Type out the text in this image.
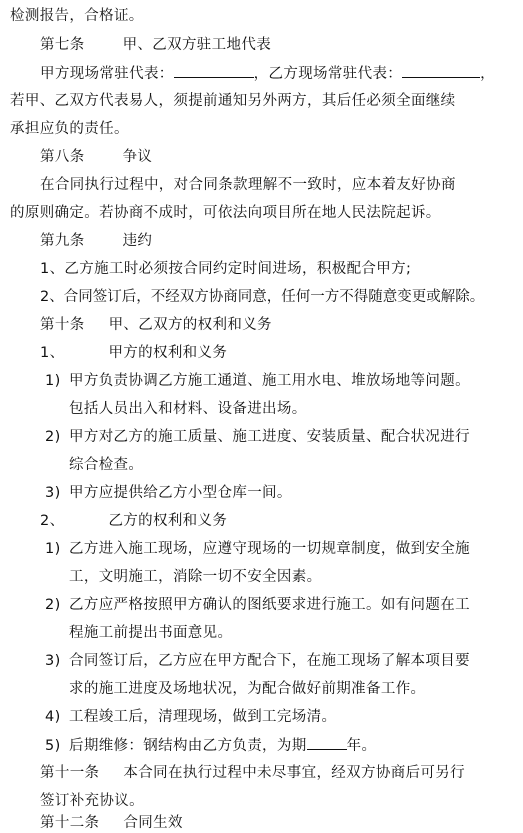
检测报告，合格证。
第七条	甲、乙双方驻工地代表
甲方现场常驻代表：	，乙方现场常驻代表：	，
若甲、乙双方代表易人，须提前通知另外两方，其后任必须全面继续
承担应负的责任。
第八条	争议
在合同执行过程中，对合同条款理解不一致时，应本着友好协商
的原则确定。若协商不成时，可依法向项目所在地人民法院起诉。
第九条	违约
1、乙方施工时必须按合同约定时间进场，积极配合甲方;
2、合同签订后，不经双方协商同意，任何一方不得随意变更或解除。
第十条 甲、乙双方的权利和义务
1、	甲方的权利和义务
1) 甲方负责协调乙方施工通道、施工用水电、堆放场地等问题。
包括人员出入和材料、设备进出场。
2) 甲方对乙方的施工质量、施工进度、安装质量、配合状况进行
综合检查。
3) 甲方应提供给乙方小型仓库一间。
2、	乙方的权利和义务
1) 乙方进入施工现场，应遵守现场的一切规章制度，做到安全施
工，文明施工，消除一切不安全因素。
2) 乙方应严格按照甲方确认的图纸要求进行施工。如有问题在工
程施工前提出书面意见。
3) 合同签订后，乙方应在甲方配合下，在施工现场了解本项目要
求的施工进度及场地状况，为配合做好前期准备工作。
4) 工程竣工后，清理现场，做到工完场清。
5) 后期维修：钢结构由乙方负责，为期	年。
第十一条 本合同在执行过程中未尽事宜，经双方协商后可另行
签订补充协议。
第十二条 合同生效
